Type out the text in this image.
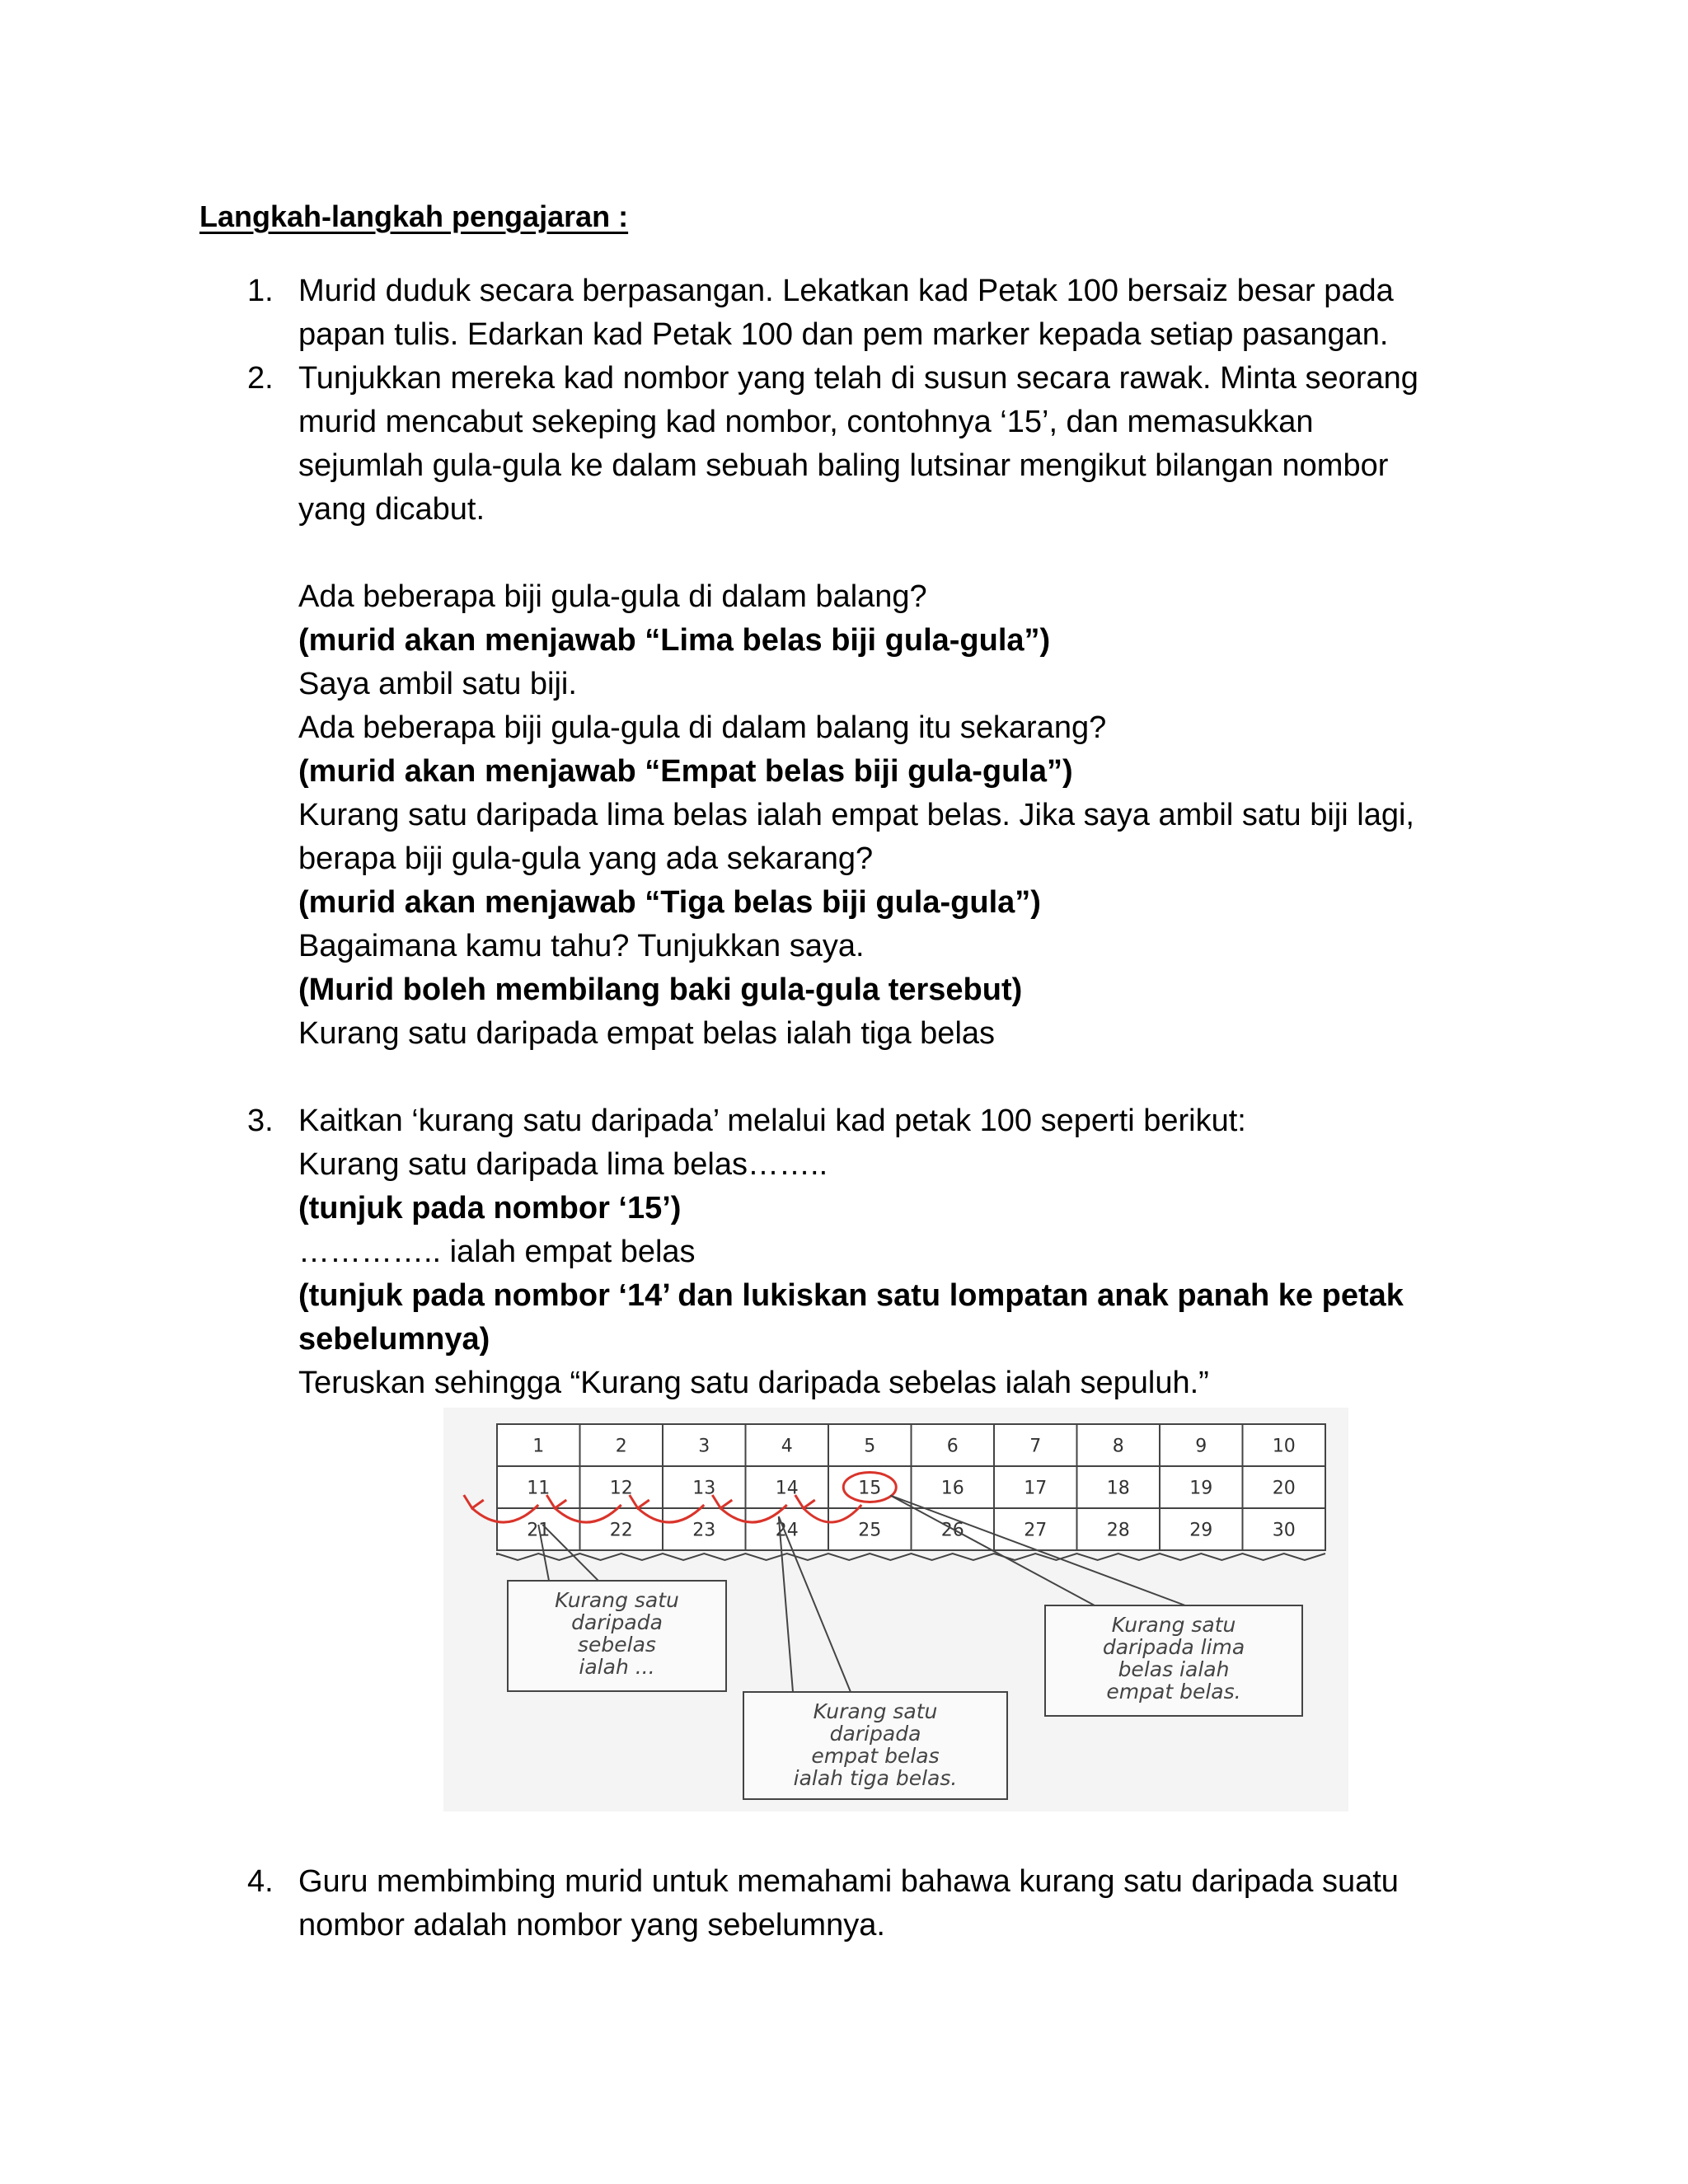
Langkah-langkah pengajaran :
1. Murid duduk secara berpasangan. Lekatkan kad Petak 100 bersaiz besar pada
papan tulis. Edarkan kad Petak 100 dan pem marker kepada setiap pasangan.
2. Tunjukkan mereka kad nombor yang telah di susun secara rawak. Minta seorang
murid mencabut sekeping kad nombor, contohnya ‘15’, dan memasukkan
sejumlah gula-gula ke dalam sebuah baling lutsinar mengikut bilangan nombor
yang dicabut.
Ada beberapa biji gula-gula di dalam balang?
(murid akan menjawab “Lima belas biji gula-gula”)
Saya ambil satu biji.
Ada beberapa biji gula-gula di dalam balang itu sekarang?
(murid akan menjawab “Empat belas biji gula-gula”)
Kurang satu daripada lima belas ialah empat belas. Jika saya ambil satu biji lagi,
berapa biji gula-gula yang ada sekarang?
(murid akan menjawab “Tiga belas biji gula-gula”)
Bagaimana kamu tahu? Tunjukkan saya.
(Murid boleh membilang baki gula-gula tersebut)
Kurang satu daripada empat belas ialah tiga belas
3. Kaitkan ‘kurang satu daripada’ melalui kad petak 100 seperti berikut:
Kurang satu daripada lima belas……..
(tunjuk pada nombor ‘15’)
………….. ialah empat belas
(tunjuk pada nombor ‘14’ dan lukiskan satu lompatan anak panah ke petak
sebelumnya)
Teruskan sehingga “Kurang satu daripada sebelas ialah sepuluh.”
1	2	3	4	5	6	7	8	9	10
11	12	13	14	15	16	17	18	19	20
21	22	23	24	25	26	27	28	29	30
Kurang satu
daripada
sebelas
ialah ...
Kurang satu
daripada
empat belas
ialah tiga belas.
Kurang satu
daripada lima
belas ialah
empat belas.
4. Guru membimbing murid untuk memahami bahawa kurang satu daripada suatu
nombor adalah nombor yang sebelumnya.
